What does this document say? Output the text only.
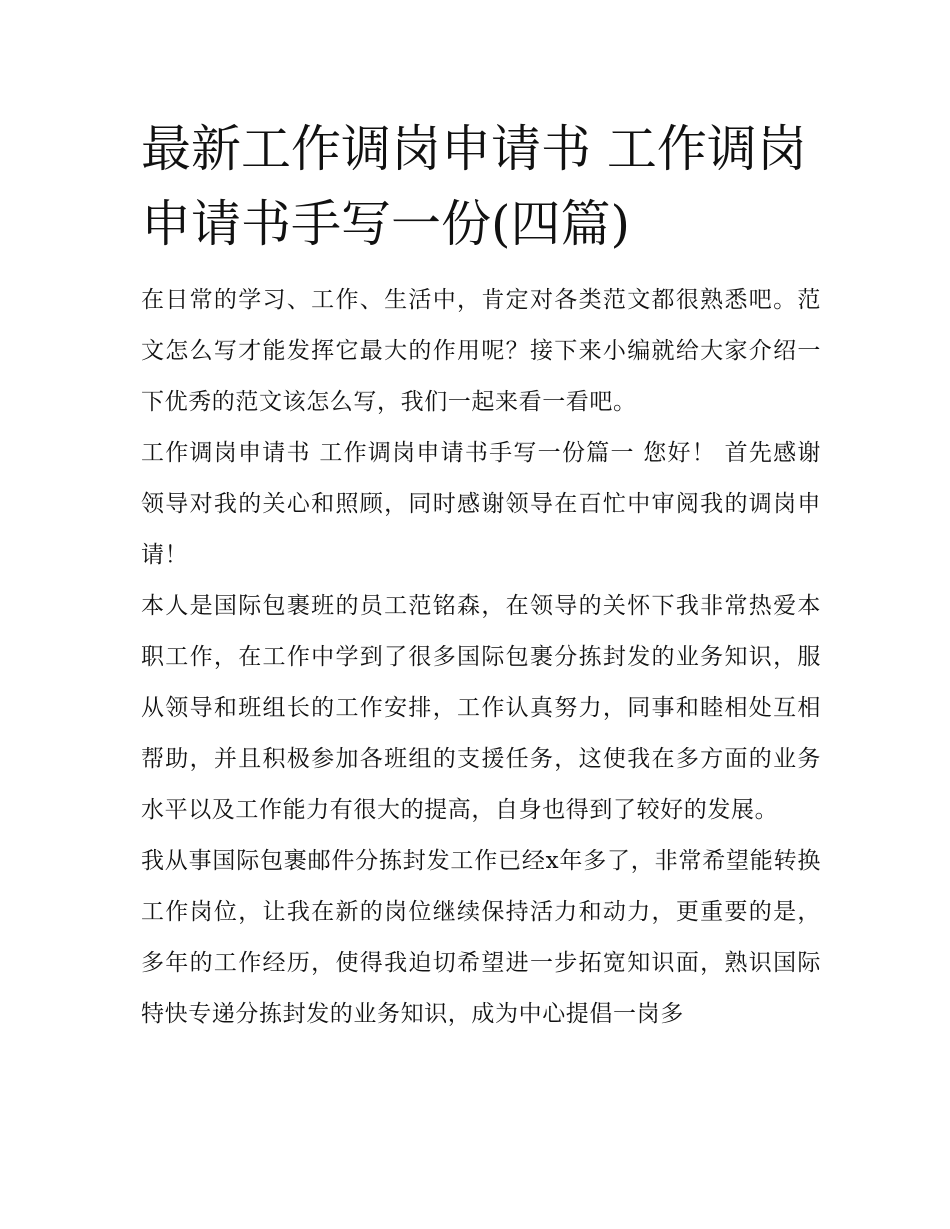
最新工作调岗申请书 工作调岗申请书手写一份(四篇)

在日常的学习、工作、生活中，肯定对各类范文都很熟悉吧。范文怎么写才能发挥它最大的作用呢？接下来小编就给大家介绍一下优秀的范文该怎么写，我们一起来看一看吧。

工作调岗申请书 工作调岗申请书手写一份篇一 您好！ 首先感谢领导对我的关心和照顾，同时感谢领导在百忙中审阅我的调岗申请！

本人是国际包裹班的员工范铭森，在领导的关怀下我非常热爱本职工作，在工作中学到了很多国际包裹分拣封发的业务知识，服从领导和班组长的工作安排，工作认真努力，同事和睦相处互相帮助，并且积极参加各班组的支援任务，这使我在多方面的业务水平以及工作能力有很大的提高，自身也得到了较好的发展。

我从事国际包裹邮件分拣封发工作已经x年多了，非常希望能转换工作岗位，让我在新的岗位继续保持活力和动力，更重要的是，多年的工作经历，使得我迫切希望进一步拓宽知识面，熟识国际特快专递分拣封发的业务知识，成为中心提倡一岗多
